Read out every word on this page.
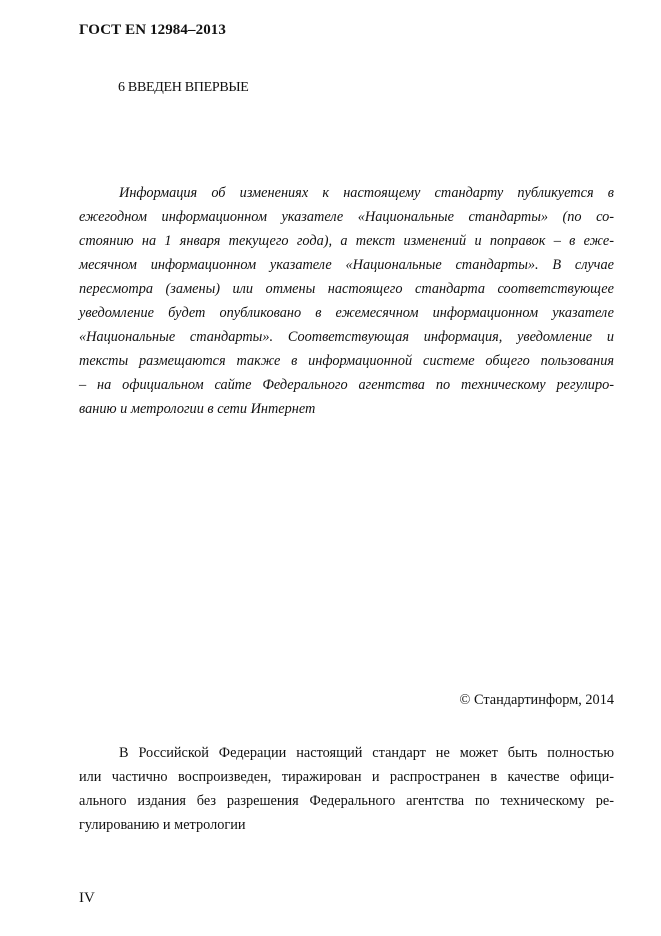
ГОСТ EN 12984–2013
6 ВВЕДЕН ВПЕРВЫЕ
Информация об изменениях к настоящему стандарту публикуется в
ежегодном информационном указателе «Национальные стандарты» (по со-
стоянию на 1 января текущего года), а текст изменений и поправок – в ежe-
месячном информационном указателе «Национальные стандарты». В случае
пересмотра (замены) или отмены настоящего стандарта соответствующее
уведомление будет опубликовано в ежемесячном информационном указателе
«Национальные стандарты». Соответствующая информация, уведомление и
тексты размещаются также в информационной системе общего пользования
– на официальном сайте Федерального агентства по техническому регулиро-
ванию и метрологии в сети Интернет
© Стандартинформ, 2014
В Российской Федерации настоящий стандарт не может быть полностью
или частично воспроизведен, тиражирован и распространен в качестве офици-
ального издания без разрешения Федерального агентства по техническому ре-
гулированию и метрологии
IV
